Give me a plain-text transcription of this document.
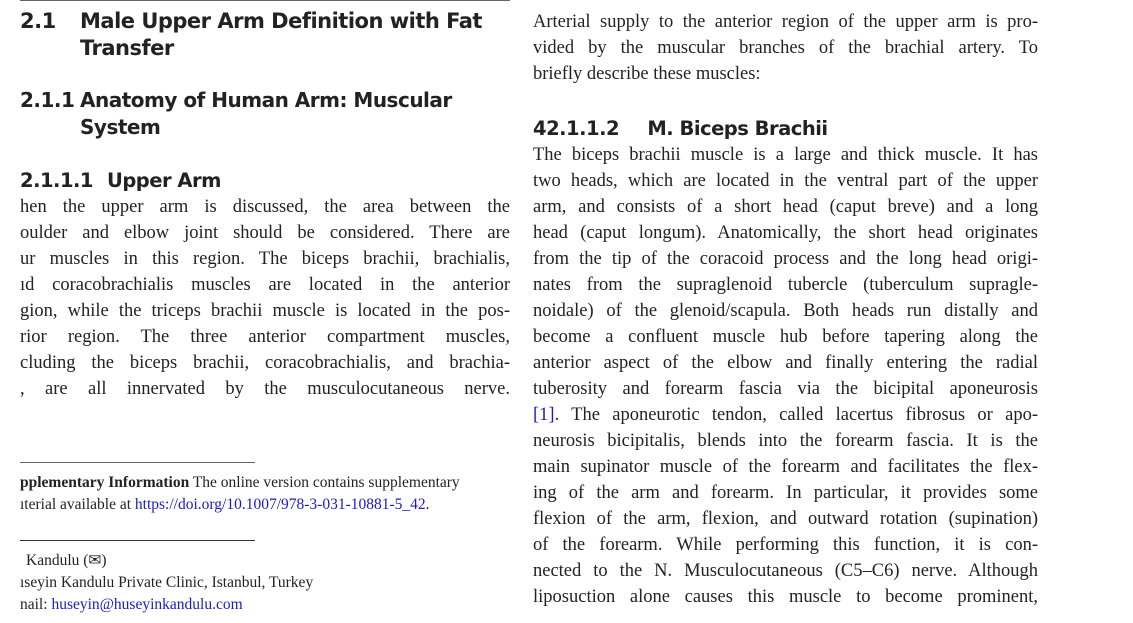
2.1 Male Upper Arm Definition with Fat
Transfer
2.1.1 Anatomy of Human Arm: Muscular
System
2.1.1.1 Upper Arm
hen the upper arm is discussed, the area between the
oulder and elbow joint should be considered. There are
ur muscles in this region. The biceps brachii, brachialis,
ıd coracobrachialis muscles are located in the anterior
gion, while the triceps brachii muscle is located in the pos-
rior region. The three anterior compartment muscles,
cluding the biceps brachii, coracobrachialis, and brachia-
, are all innervated by the musculocutaneous nerve.
pplementary Information The online version contains supplementary
ıterial available at https://doi.org/10.1007/978-3-031-10881-5_42.
Kandulu (✉)
ıseyin Kandulu Private Clinic, Istanbul, Turkey
nail: huseyin@huseyinkandulu.com
Arterial supply to the anterior region of the upper arm is pro-
vided by the muscular branches of the brachial artery. To
briefly describe these muscles:
42.1.1.2 M. Biceps Brachii
The biceps brachii muscle is a large and thick muscle. It has
two heads, which are located in the ventral part of the upper
arm, and consists of a short head (caput breve) and a long
head (caput longum). Anatomically, the short head originates
from the tip of the coracoid process and the long head origi-
nates from the supraglenoid tubercle (tuberculum supragle-
noidale) of the glenoid/scapula. Both heads run distally and
become a confluent muscle hub before tapering along the
anterior aspect of the elbow and finally entering the radial
tuberosity and forearm fascia via the bicipital aponeurosis
[1]. The aponeurotic tendon, called lacertus fibrosus or apo-
neurosis bicipitalis, blends into the forearm fascia. It is the
main supinator muscle of the forearm and facilitates the flex-
ing of the arm and forearm. In particular, it provides some
flexion of the arm, flexion, and outward rotation (supination)
of the forearm. While performing this function, it is con-
nected to the N. Musculocutaneous (C5–C6) nerve. Although
liposuction alone causes this muscle to become prominent,
